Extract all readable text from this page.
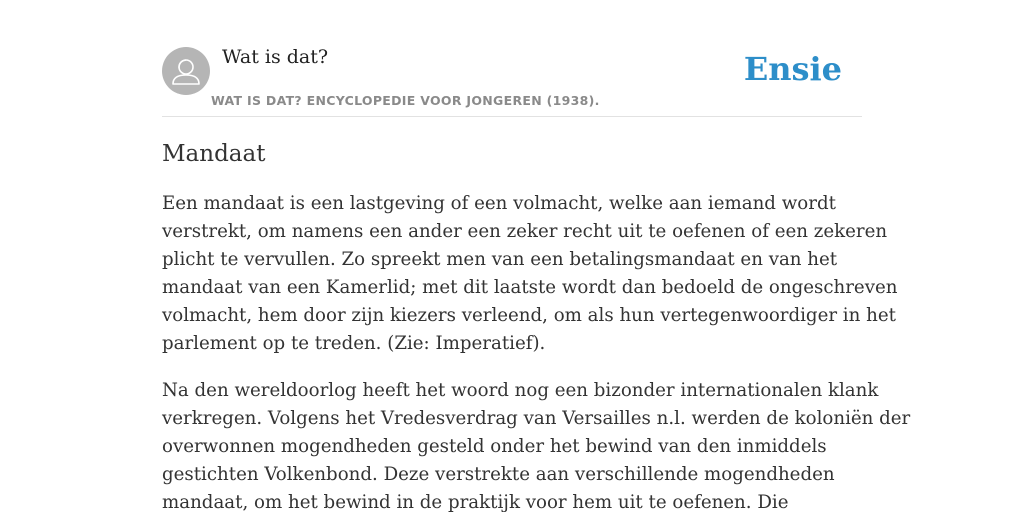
Wat is dat?
WAT IS DAT? ENCYCLOPEDIE VOOR JONGEREN (1938).
Ensie
Mandaat

Een mandaat is een lastgeving of een volmacht, welke aan iemand wordt
verstrekt, om namens een ander een zeker recht uit te oefenen of een zekeren
plicht te vervullen. Zo spreekt men van een betalingsmandaat en van het
mandaat van een Kamerlid; met dit laatste wordt dan bedoeld de ongeschreven
volmacht, hem door zijn kiezers verleend, om als hun vertegenwoordiger in het
parlement op te treden. (Zie: Imperatief).

Na den wereldoorlog heeft het woord nog een bizonder internationalen klank
verkregen. Volgens het Vredesverdrag van Versailles n.l. werden de koloniën der
overwonnen mogendheden gesteld onder het bewind van den inmiddels
gestichten Volkenbond. Deze verstrekte aan verschillende mogendheden
mandaat, om het bewind in de praktijk voor hem uit te oefenen. Die
